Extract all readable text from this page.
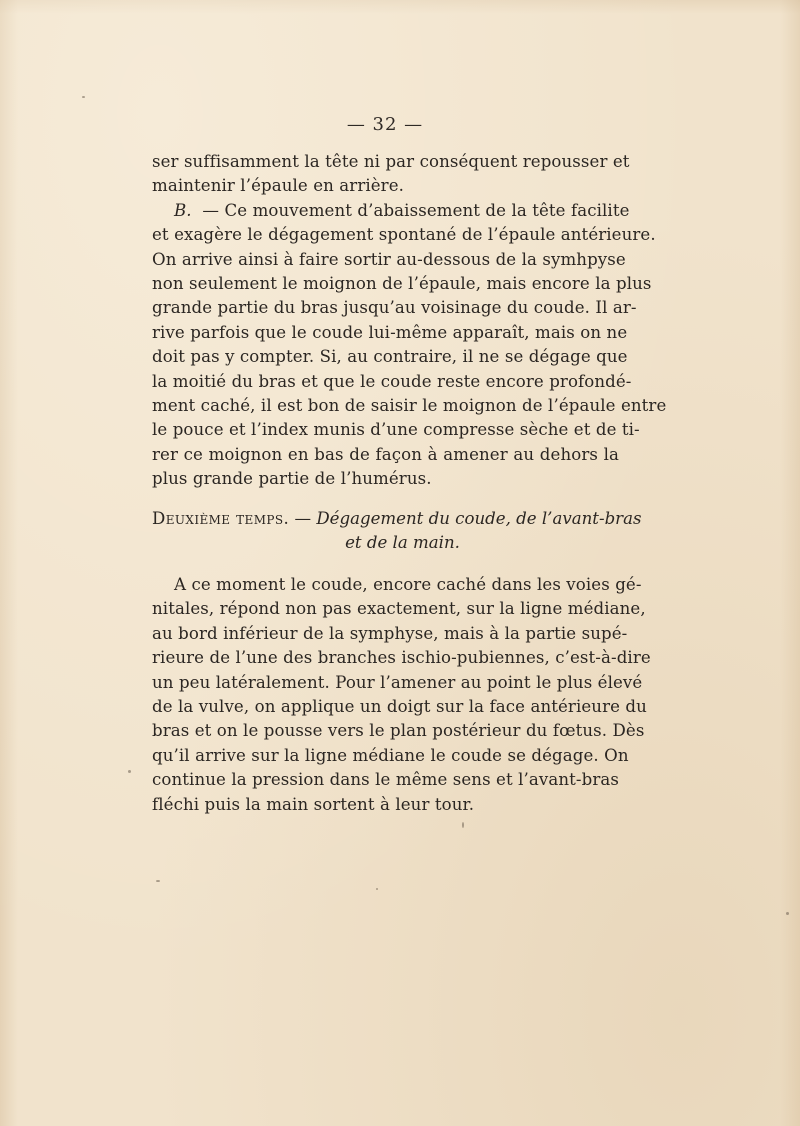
— 32 —
ser suffisamment la tête ni par conséquent repousser et
maintenir l’épaule en arrière.
B. — Ce mouvement d’abaissement de la tête facilite
et exagère le dégagement spontané de l’épaule antérieure.
On arrive ainsi à faire sortir au-dessous de la symhpyse
non seulement le moignon de l’épaule, mais encore la plus
grande partie du bras jusqu’au voisinage du coude. Il ar-
rive parfois que le coude lui-même apparaît, mais on ne
doit pas y compter. Si, au contraire, il ne se dégage que
la moitié du bras et que le coude reste encore profondé-
ment caché, il est bon de saisir le moignon de l’épaule entre
le pouce et l’index munis d’une compresse sèche et de ti-
rer ce moignon en bas de façon à amener au dehors la
plus grande partie de l’humérus.
Deuxième temps. — Dégagement du coude, de l’avant-bras
et de la main.
A ce moment le coude, encore caché dans les voies gé-
nitales, répond non pas exactement, sur la ligne médiane,
au bord inférieur de la symphyse, mais à la partie supé-
rieure de l’une des branches ischio-pubiennes, c’est-à-dire
un peu latéralement. Pour l’amener au point le plus élevé
de la vulve, on applique un doigt sur la face antérieure du
bras et on le pousse vers le plan postérieur du fœtus. Dès
qu’il arrive sur la ligne médiane le coude se dégage. On
continue la pression dans le même sens et l’avant-bras
fléchi puis la main sortent à leur tour.
